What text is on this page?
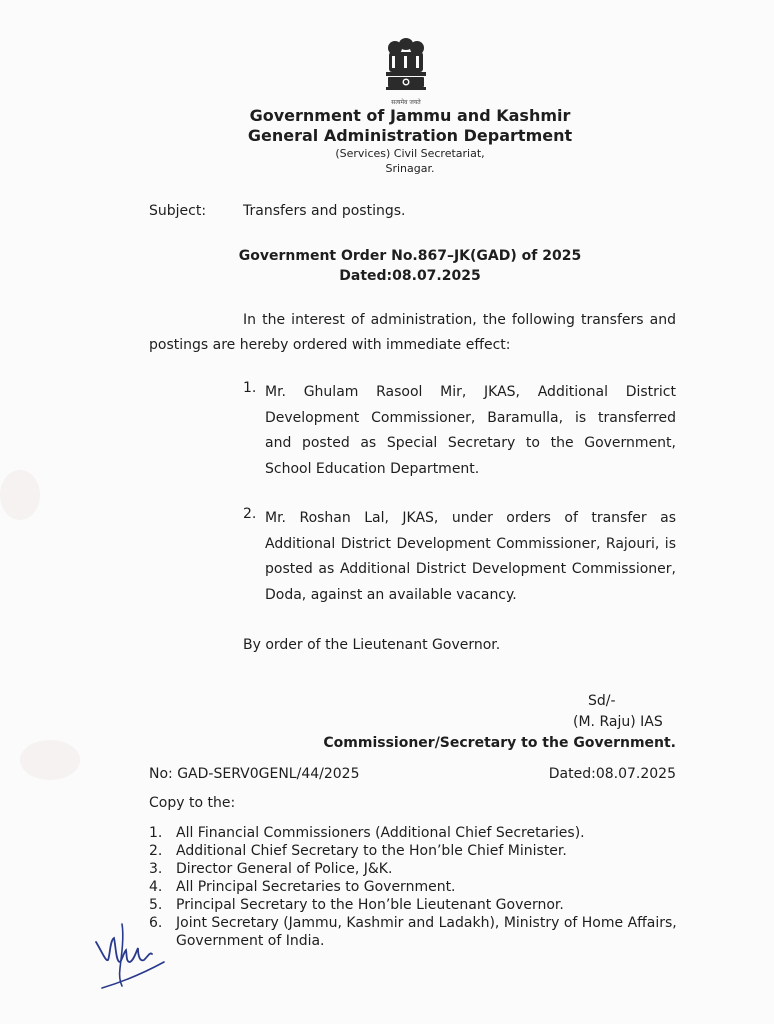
सत्यमेव जयते
Government of Jammu and Kashmir
General Administration Department
(Services) Civil Secretariat,
Srinagar.
Subject:	Transfers and postings.
Government Order No.867–JK(GAD) of 2025
Dated:08.07.2025
In the interest of administration, the following transfers and postings are hereby ordered with immediate effect:
1. Mr. Ghulam Rasool Mir, JKAS, Additional District Development Commissioner, Baramulla, is transferred and posted as Special Secretary to the Government, School Education Department.
2. Mr. Roshan Lal, JKAS, under orders of transfer as Additional District Development Commissioner, Rajouri, is posted as Additional District Development Commissioner, Doda, against an available vacancy.
By order of the Lieutenant Governor.
Sd/-
(M. Raju) IAS
Commissioner/Secretary to the Government.
No: GAD-SERV0GENL/44/2025	Dated:08.07.2025
Copy to the:
1. All Financial Commissioners (Additional Chief Secretaries).
2. Additional Chief Secretary to the Hon’ble Chief Minister.
3. Director General of Police, J&K.
4. All Principal Secretaries to Government.
5. Principal Secretary to the Hon’ble Lieutenant Governor.
6. Joint Secretary (Jammu, Kashmir and Ladakh), Ministry of Home Affairs, Government of India.
